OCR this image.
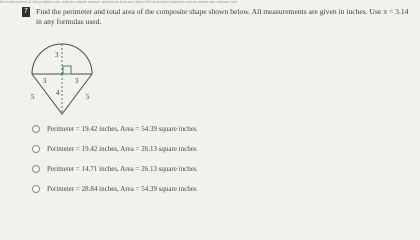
the instructions of the problem are only be visible answer questions that are about the selected response check marks are answer use
7 Find the perimeter and total area of the composite shape shown below. All measurements are given in inches. Use π = 3.14 in any formulas used.
3
3	3
5	4	5
Perimeter = 19.42 inches, Area = 54.39 square inches
Perimeter = 19.42 inches, Area = 26.13 square inches
Perimeter = 14.71 inches, Area = 26.13 square inches
Perimeter = 28.84 inches, Area = 54.39 square inches
